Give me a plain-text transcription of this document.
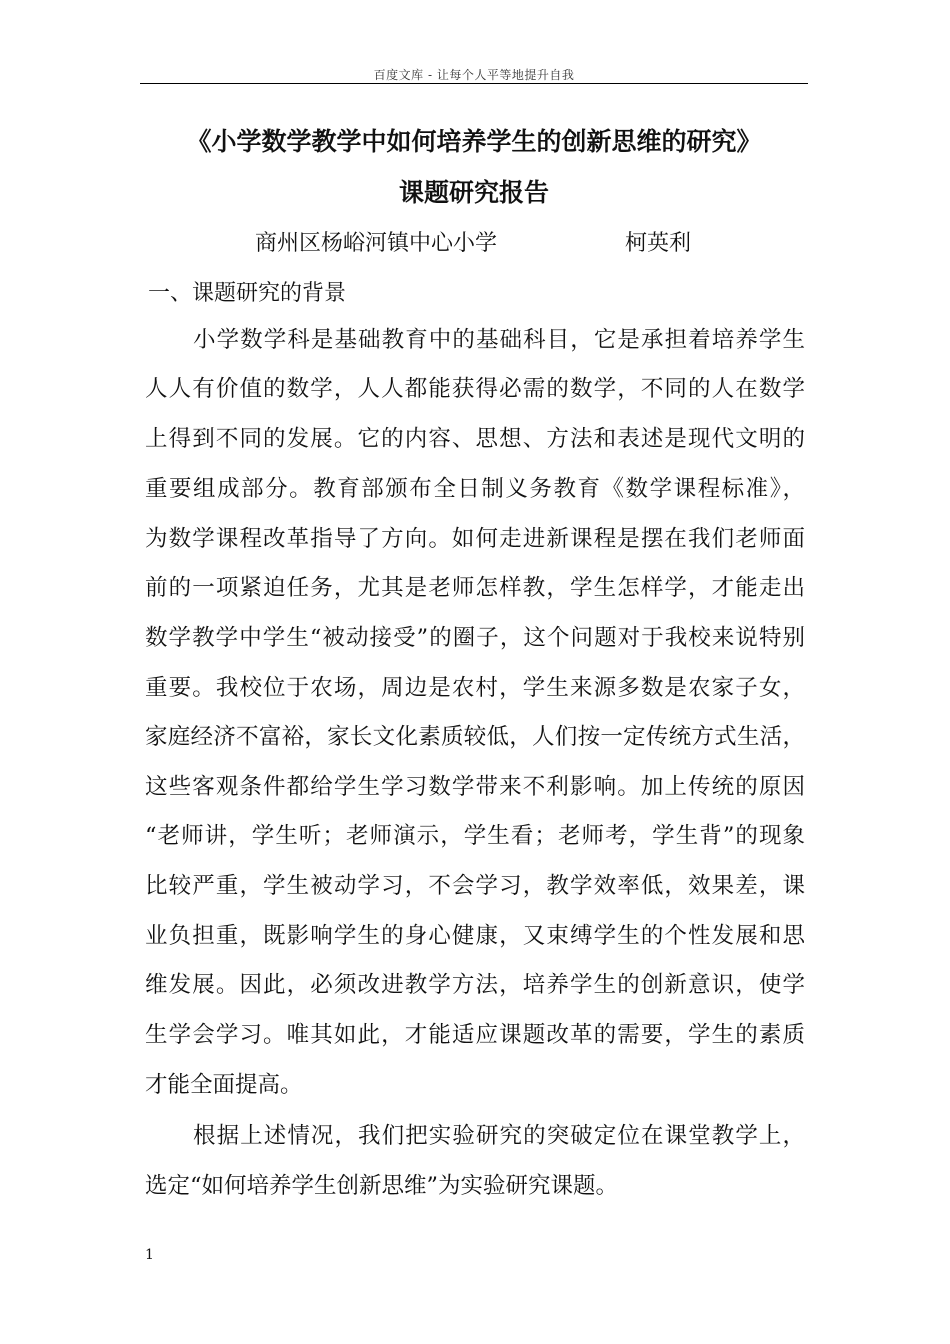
百度文库 - 让每个人平等地提升自我
《小学数学教学中如何培养学生的创新思维的研究》
课题研究报告
商州区杨峪河镇中心小学	柯英利
一、课题研究的背景
小学数学科是基础教育中的基础科目，它是承担着培养学生
人人有价值的数学，人人都能获得必需的数学，不同的人在数学
上得到不同的发展。它的内容、思想、方法和表述是现代文明的
重要组成部分。教育部颁布全日制义务教育《数学课程标准》，
为数学课程改革指导了方向。如何走进新课程是摆在我们老师面
前的一项紧迫任务，尤其是老师怎样教，学生怎样学，才能走出
数学教学中学生“被动接受”的圈子，这个问题对于我校来说特别
重要。我校位于农场，周边是农村，学生来源多数是农家子女，
家庭经济不富裕，家长文化素质较低，人们按一定传统方式生活，
这些客观条件都给学生学习数学带来不利影响。加上传统的原因
“老师讲，学生听；老师演示，学生看；老师考，学生背”的现象
比较严重，学生被动学习，不会学习，教学效率低，效果差，课
业负担重，既影响学生的身心健康，又束缚学生的个性发展和思
维发展。因此，必须改进教学方法，培养学生的创新意识，使学
生学会学习。唯其如此，才能适应课题改革的需要，学生的素质
才能全面提高。
根据上述情况，我们把实验研究的突破定位在课堂教学上，
选定“如何培养学生创新思维”为实验研究课题。
1
